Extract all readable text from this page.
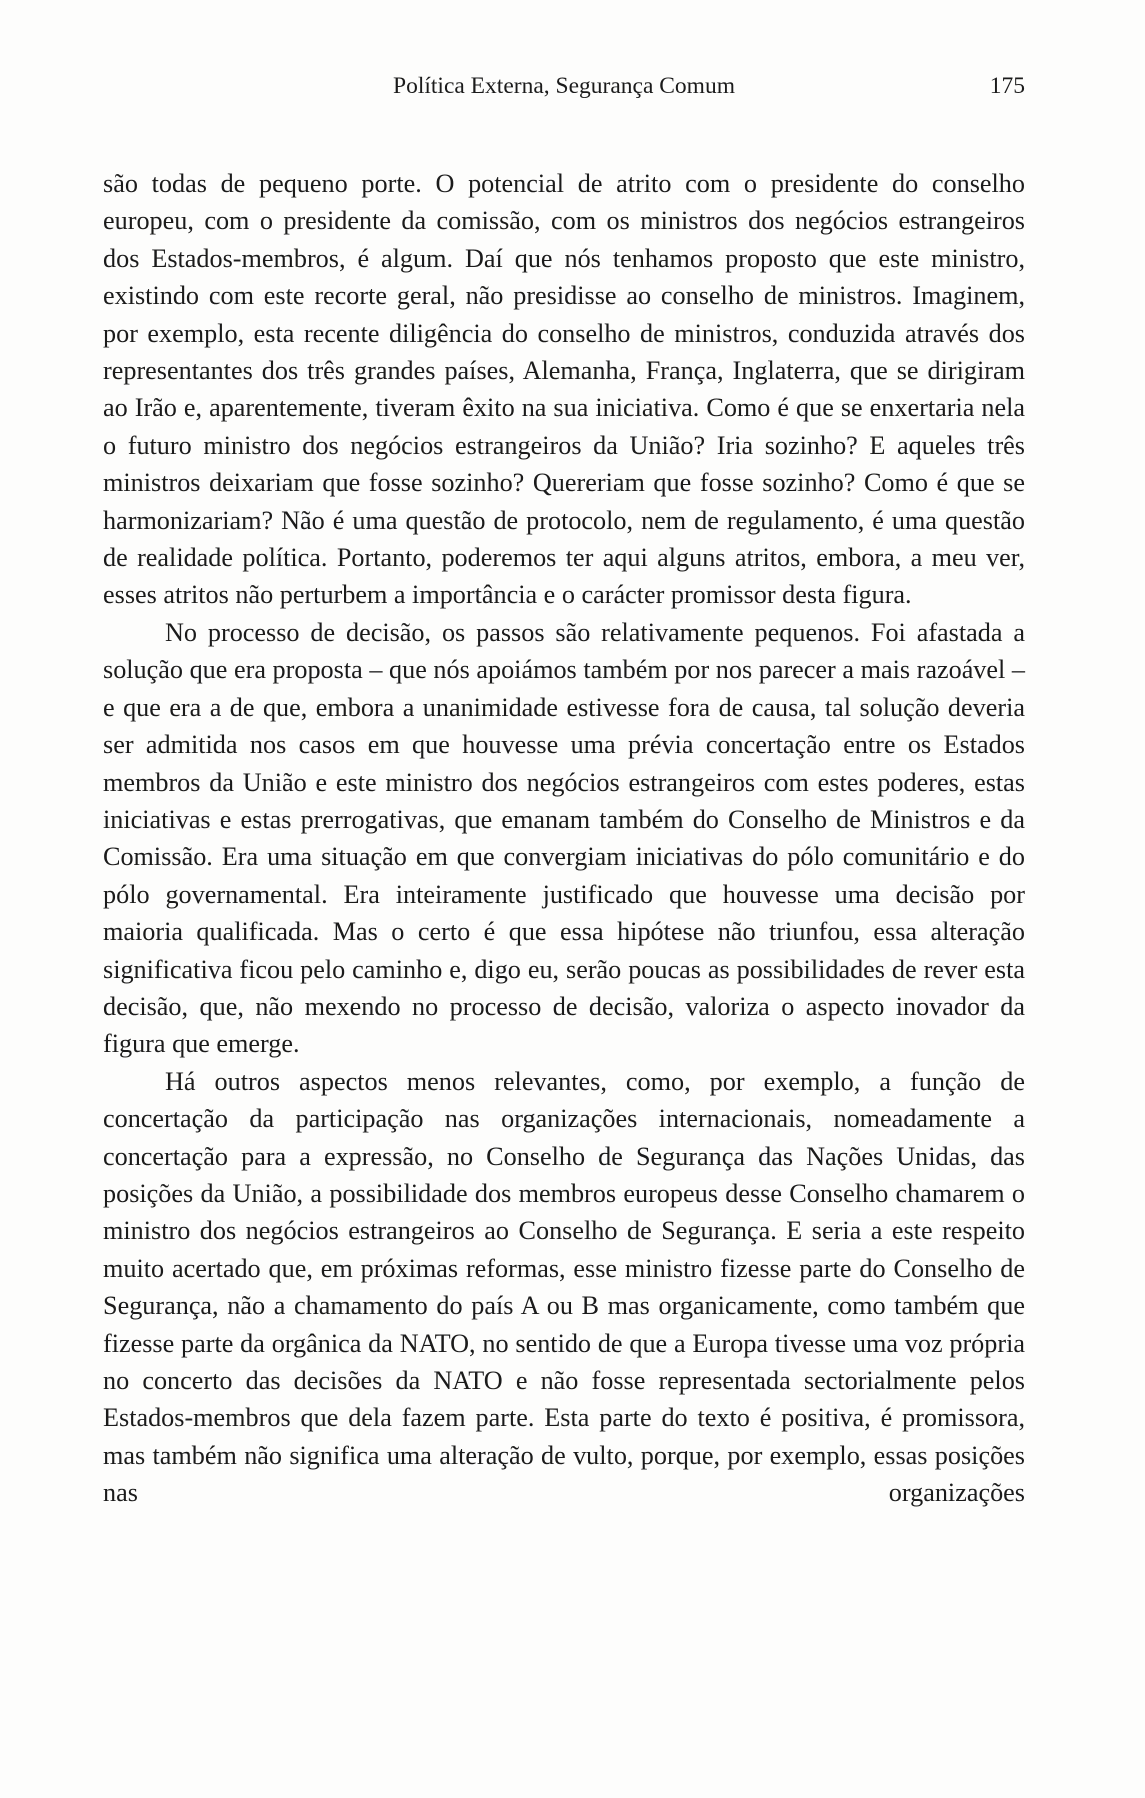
Política Externa, Segurança Comum	175

são todas de pequeno porte. O potencial de atrito com o presidente do conselho europeu, com o presidente da comissão, com os ministros dos negócios estrangeiros dos Estados-membros, é algum. Daí que nós tenhamos proposto que este ministro, existindo com este recorte geral, não presidisse ao conselho de ministros. Imaginem, por exemplo, esta recente diligência do conselho de ministros, conduzida através dos representantes dos três grandes países, Alemanha, França, Inglaterra, que se dirigiram ao Irão e, aparentemente, tiveram êxito na sua iniciativa. Como é que se enxertaria nela o futuro ministro dos negócios estrangeiros da União? Iria sozinho? E aqueles três ministros deixariam que fosse sozinho? Quereriam que fosse sozinho? Como é que se harmonizariam? Não é uma questão de protocolo, nem de regulamento, é uma questão de realidade política. Portanto, poderemos ter aqui alguns atritos, embora, a meu ver, esses atritos não perturbem a importância e o carácter promissor desta figura.

No processo de decisão, os passos são relativamente pequenos. Foi afastada a solução que era proposta – que nós apoiámos também por nos parecer a mais razoável – e que era a de que, embora a unanimidade estivesse fora de causa, tal solução deveria ser admitida nos casos em que houvesse uma prévia concertação entre os Estados membros da União e este ministro dos negócios estrangeiros com estes poderes, estas iniciativas e estas prerrogativas, que emanam também do Conselho de Ministros e da Comissão. Era uma situação em que convergiam iniciativas do pólo comunitário e do pólo governamental. Era inteiramente justificado que houvesse uma decisão por maioria qualificada. Mas o certo é que essa hipótese não triunfou, essa alteração significativa ficou pelo caminho e, digo eu, serão poucas as possibilidades de rever esta decisão, que, não mexendo no processo de decisão, valoriza o aspecto inovador da figura que emerge.

Há outros aspectos menos relevantes, como, por exemplo, a função de concertação da participação nas organizações internacionais, nomeadamente a concertação para a expressão, no Conselho de Segurança das Nações Unidas, das posições da União, a possibilidade dos membros europeus desse Conselho chamarem o ministro dos negócios estrangeiros ao Conselho de Segurança. E seria a este respeito muito acertado que, em próximas reformas, esse ministro fizesse parte do Conselho de Segurança, não a chamamento do país A ou B mas organicamente, como também que fizesse parte da orgânica da NATO, no sentido de que a Europa tivesse uma voz própria no concerto das decisões da NATO e não fosse representada sectorialmente pelos Estados-membros que dela fazem parte. Esta parte do texto é positiva, é promissora, mas também não significa uma alteração de vulto, porque, por exemplo, essas posições nas organizações
